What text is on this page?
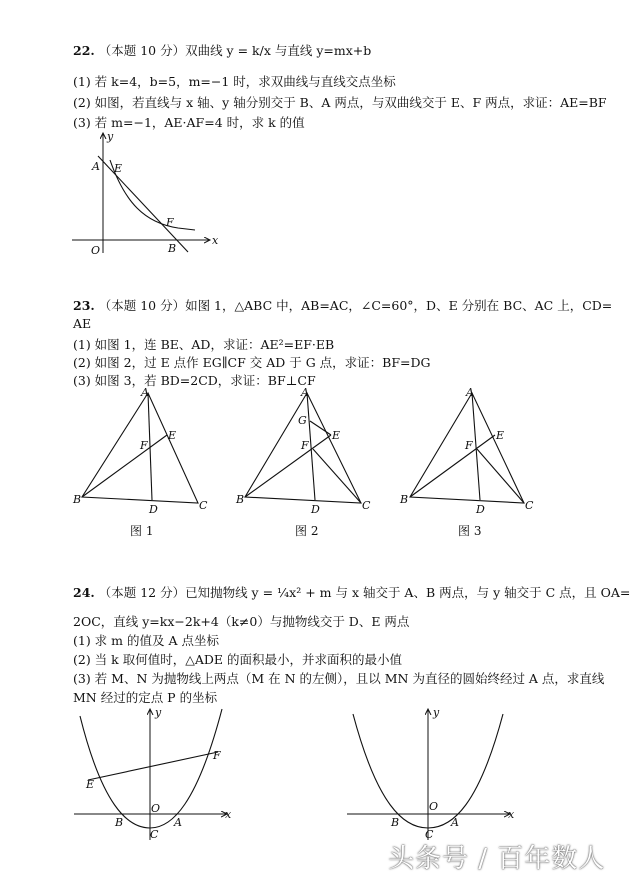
22. （本题 10 分）双曲线 y = k/x 与直线 y=mx+b
(1) 若 k=4，b=5，m=−1 时，求双曲线与直线交点坐标
(2) 如图，若直线与 x 轴、y 轴分别交于 B、A 两点，与双曲线交于 E、F 两点，求证：AE=BF
(3) 若 m=−1，AE·AF=4 时，求 k 的值
y
x
O
A E
F
B
23. （本题 10 分）如图 1，△ABC 中，AB=AC，∠C=60°，D、E 分别在 BC、AC 上，CD=
AE
(1) 如图 1，连 BE、AD，求证：AE²=EF·EB
(2) 如图 2，过 E 点作 EG∥CF 交 AD 于 G 点，求证：BF=DG
(3) 如图 3，若 BD=2CD，求证：BF⊥CF
A
B	C
D
E
F
图 1
A
B	C
D
E
F
G
图 2
A
B	C
D
E
F
图 3
24. （本题 12 分）已知抛物线 y = ¼x² + m 与 x 轴交于 A、B 两点，与 y 轴交于 C 点，且 OA=
2OC，直线 y=kx−2k+4（k≠0）与抛物线交于 D、E 两点
(1) 求 m 的值及 A 点坐标
(2) 当 k 取何值时，△ADE 的面积最小，并求面积的最小值
(3) 若 M、N 为抛物线上两点（M 在 N 的左侧），且以 MN 为直径的圆始终经过 A 点，求直线
MN 经过的定点 P 的坐标
y
x
O
A
B
C
E
F
y
x
O
A
B
C
头条号 / 百年数人
